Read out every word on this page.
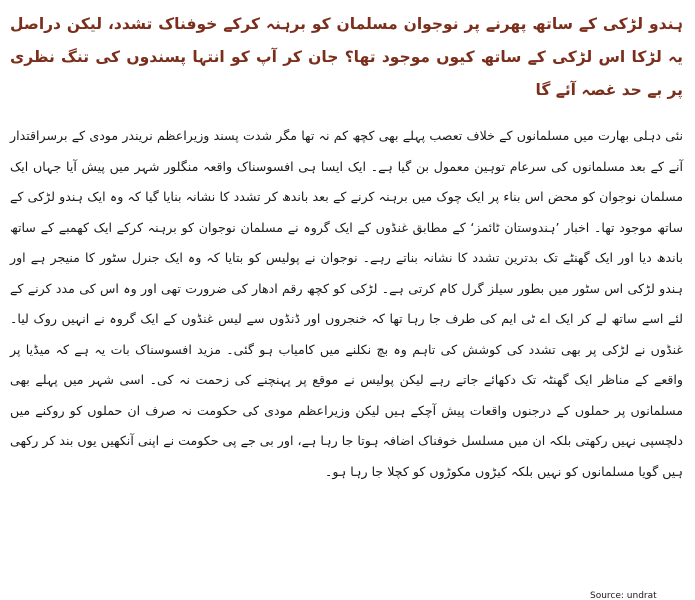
ہندو لڑکی کے ساتھ پھرنے پر نوجوان مسلمان کو برہنہ کرکے خوفناک تشدد، لیکن دراصل یہ لڑکا اس لڑکی کے ساتھ کیوں موجود تھا؟ جان کر آپ کو انتہا پسندوں کی تنگ نظری پر بے حد غصہ آئے گا

نئی دہلی بھارت میں مسلمانوں کے خلاف تعصب پہلے بھی کچھ کم نہ تھا مگر شدت پسند وزیراعظم نریندر مودی کے برسراقتدار آنے کے بعد مسلمانوں کی سرعام توہین معمول بن گیا ہے۔ ایک ایسا ہی افسوسناک واقعہ منگلور شہر میں پیش آیا جہاں ایک مسلمان نوجوان کو محض اس بناء پر ایک چوک میں برہنہ کرنے کے بعد باندھ کر تشدد کا نشانہ بنایا گیا کہ وہ ایک ہندو لڑکی کے ساتھ موجود تھا۔ اخبار ’ہندوستان ٹائمز‘ کے مطابق غنڈوں کے ایک گروہ نے مسلمان نوجوان کو برہنہ کرکے ایک کھمبے کے ساتھ باندھ دیا اور ایک گھنٹے تک بدترین تشدد کا نشانہ بناتے رہے۔ نوجوان نے پولیس کو بتایا کہ وہ ایک جنرل سٹور کا منیجر ہے اور ہندو لڑکی اس سٹور میں بطور سیلز گرل کام کرتی ہے۔ لڑکی کو کچھ رقم ادھار کی ضرورت تھی اور وہ اس کی مدد کرنے کے لئے اسے ساتھ لے کر ایک اے ٹی ایم کی طرف جا رہا تھا کہ خنجروں اور ڈنڈوں سے لیس غنڈوں کے ایک گروہ نے انہیں روک لیا۔ غنڈوں نے لڑکی پر بھی تشدد کی کوشش کی تاہم وہ بچ نکلنے میں کامیاب ہو گئی۔ مزید افسوسناک بات یہ ہے کہ میڈیا پر واقعے کے مناظر ایک گھنٹہ تک دکھائے جاتے رہے لیکن پولیس نے موقع پر پہنچنے کی زحمت نہ کی۔ اسی شہر میں پہلے بھی مسلمانوں پر حملوں کے درجنوں واقعات پیش آچکے ہیں لیکن وزیراعظم مودی کی حکومت نہ صرف ان حملوں کو روکنے میں دلچسپی نہیں رکھتی بلکہ ان میں مسلسل خوفناک اضافہ ہوتا جا رہا ہے، اور بی جے پی حکومت نے اپنی آنکھیں یوں بند کر رکھی ہیں گویا مسلمانوں کو نہیں بلکہ کیڑوں مکوڑوں کو کچلا جا رہا ہو۔

Source: undrat
